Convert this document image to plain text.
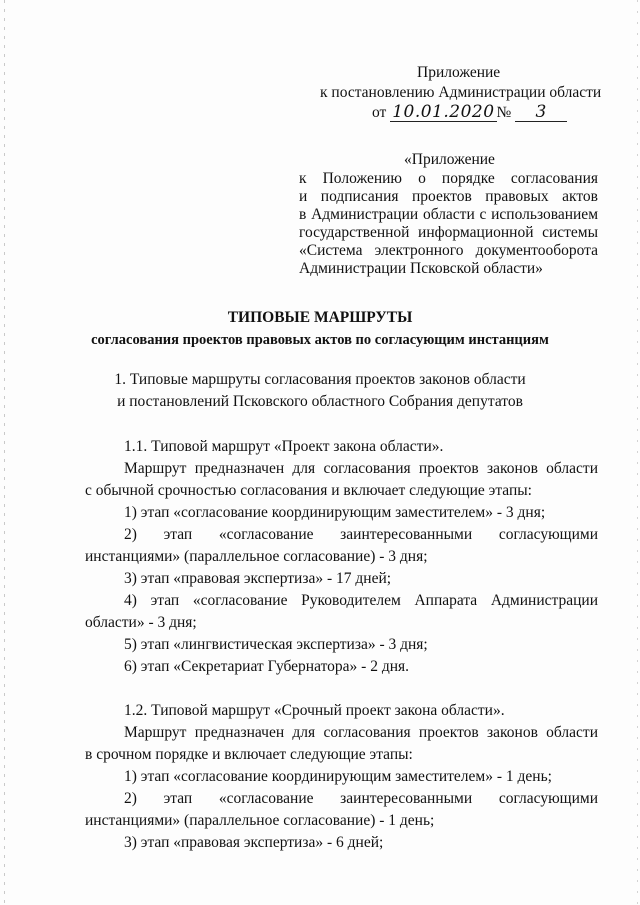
Приложение
к постановлению Администрации области
от 10.01.2020 № 3
«Приложение
к Положению о порядке согласования
и подписания проектов правовых актов
в Администрации области с использованием
государственной информационной системы
«Система электронного документооборота
Администрации Псковской области»
ТИПОВЫЕ МАРШРУТЫ
согласования проектов правовых актов по согласующим инстанциям
1. Типовые маршруты согласования проектов законов области
и постановлений Псковского областного Собрания депутатов
1.1. Типовой маршрут «Проект закона области».
Маршрут предназначен для согласования проектов законов области
с обычной срочностью согласования и включает следующие этапы:
1) этап «согласование координирующим заместителем» - 3 дня;
2) этап «согласование заинтересованными согласующими
инстанциями» (параллельное согласование) - 3 дня;
3) этап «правовая экспертиза» - 17 дней;
4) этап «согласование Руководителем Аппарата Администрации
области» - 3 дня;
5) этап «лингвистическая экспертиза» - 3 дня;
6) этап «Секретариат Губернатора» - 2 дня.
1.2. Типовой маршрут «Срочный проект закона области».
Маршрут предназначен для согласования проектов законов области
в срочном порядке и включает следующие этапы:
1) этап «согласование координирующим заместителем» - 1 день;
2) этап «согласование заинтересованными согласующими
инстанциями» (параллельное согласование) - 1 день;
3) этап «правовая экспертиза» - 6 дней;
